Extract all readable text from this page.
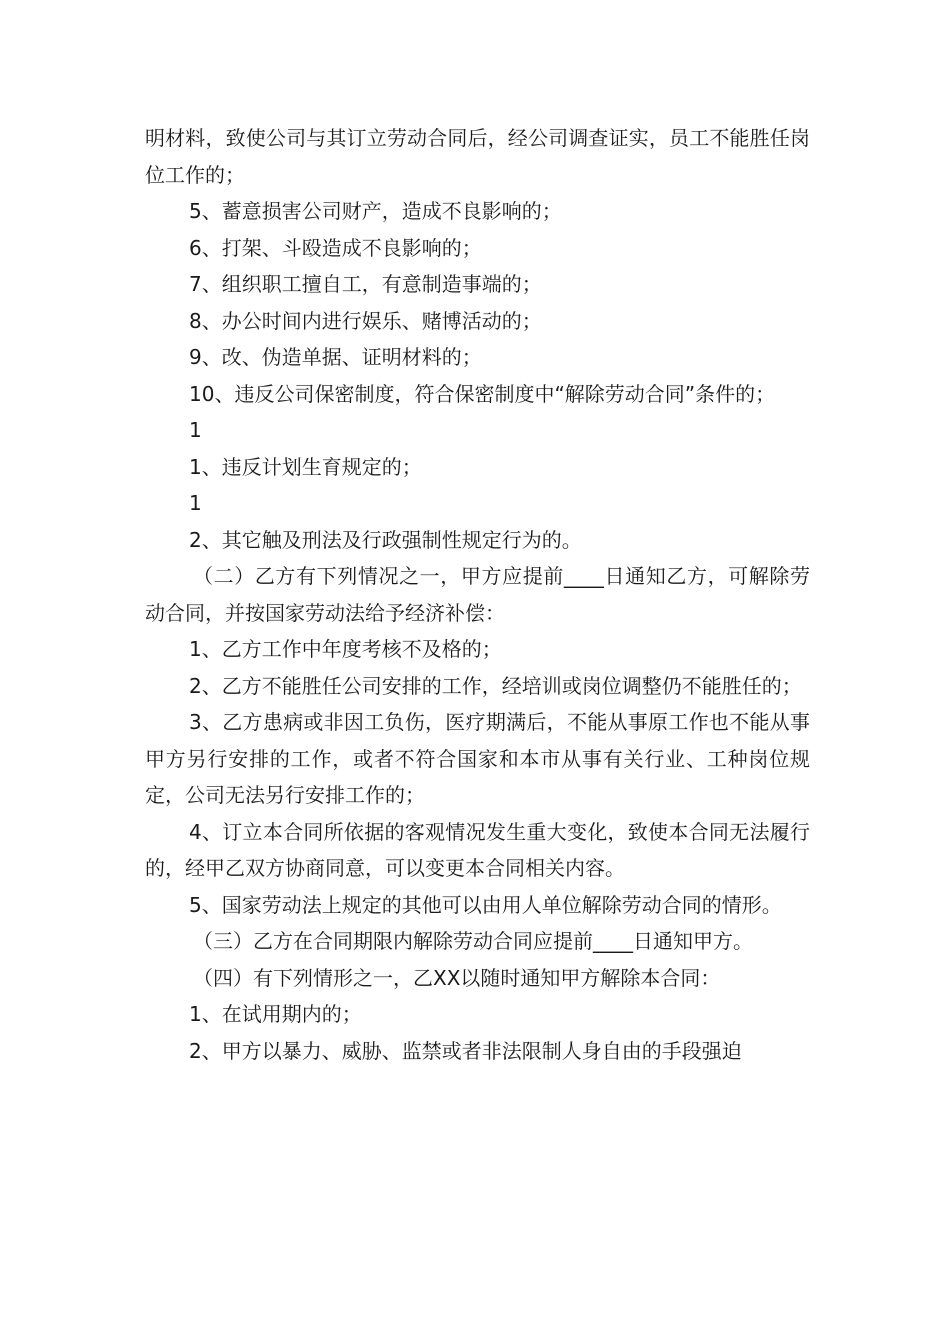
明材料，致使公司与其订立劳动合同后，经公司调查证实，员工不能胜任岗位工作的；

5、蓄意损害公司财产，造成不良影响的；

6、打架、斗殴造成不良影响的；

7、组织职工擅自工，有意制造事端的；

8、办公时间内进行娱乐、赌博活动的；

9、改、伪造单据、证明材料的；

10、违反公司保密制度，符合保密制度中“解除劳动合同”条件的；

1

1、违反计划生育规定的；

1

2、其它触及刑法及行政强制性规定行为的。

（二）乙方有下列情况之一，甲方应提前____日通知乙方，可解除劳动合同，并按国家劳动法给予经济补偿：

1、乙方工作中年度考核不及格的；

2、乙方不能胜任公司安排的工作，经培训或岗位调整仍不能胜任的；

3、乙方患病或非因工负伤，医疗期满后，不能从事原工作也不能从事甲方另行安排的工作，或者不符合国家和本市从事有关行业、工种岗位规定，公司无法另行安排工作的；

4、订立本合同所依据的客观情况发生重大变化，致使本合同无法履行的，经甲乙双方协商同意，可以变更本合同相关内容。

5、国家劳动法上规定的其他可以由用人单位解除劳动合同的情形。

（三）乙方在合同期限内解除劳动合同应提前____日通知甲方。

（四）有下列情形之一，乙XX以随时通知甲方解除本合同：

1、在试用期内的；

2、甲方以暴力、威胁、监禁或者非法限制人身自由的手段强迫
